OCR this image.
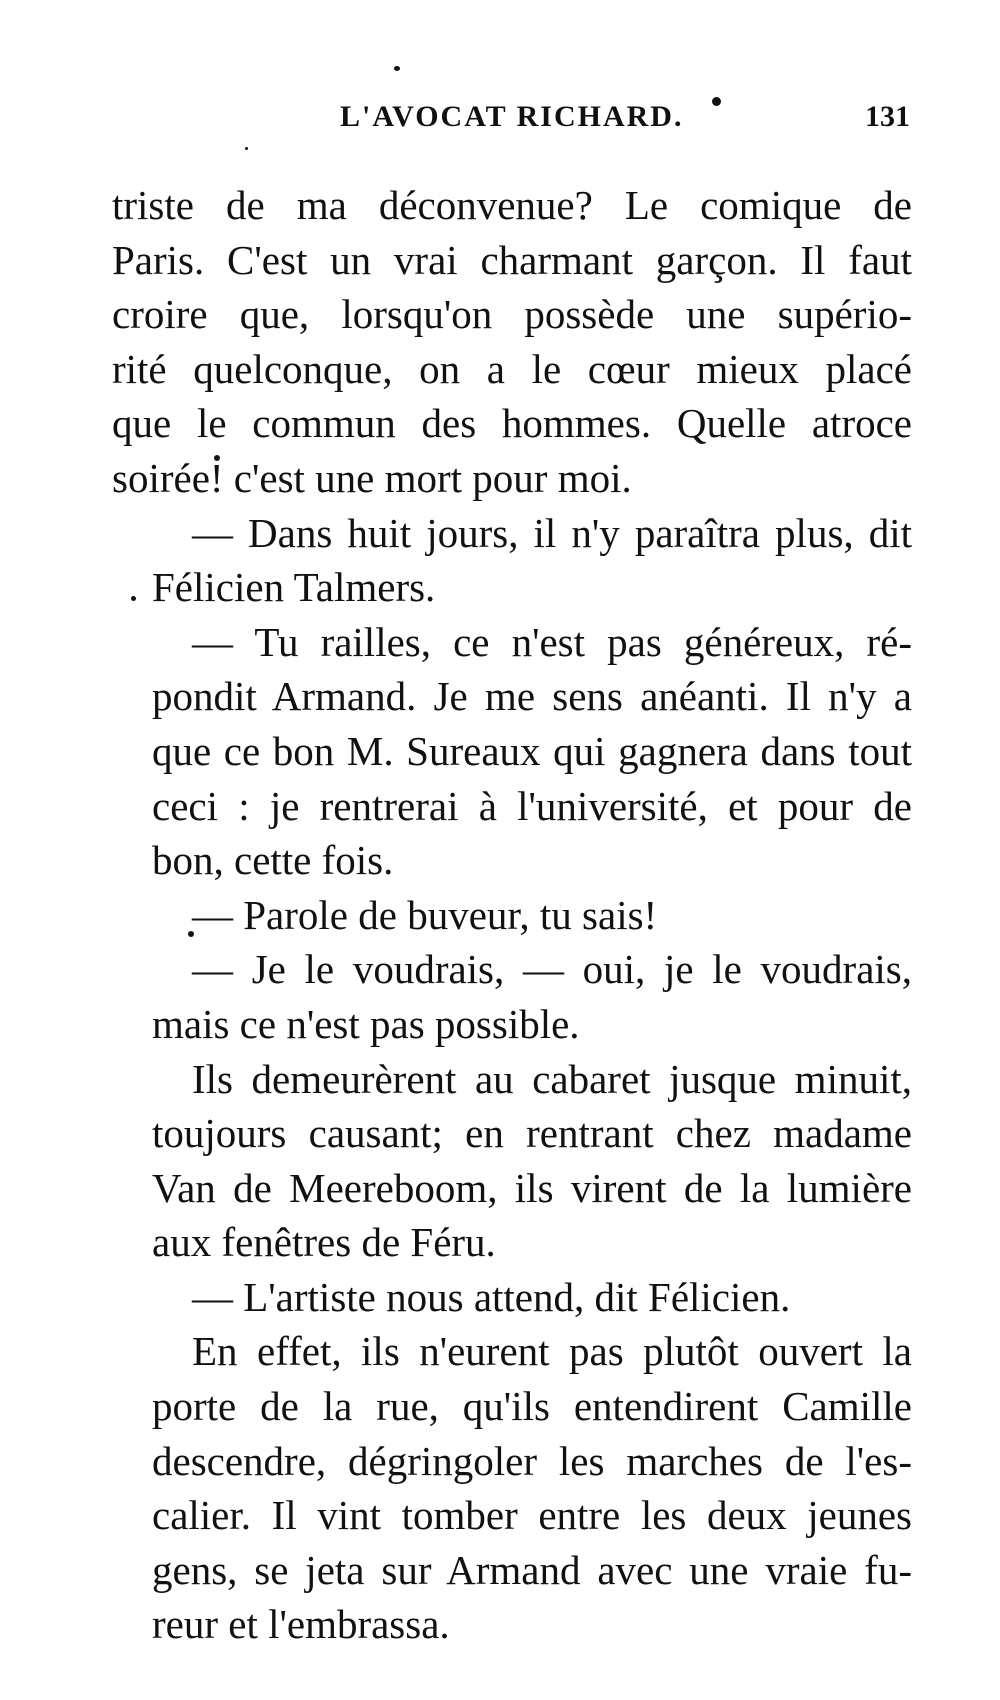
L'AVOCAT RICHARD.	131
triste de ma déconvenue? Le comique de
Paris. C'est un vrai charmant garçon. Il faut
croire que, lorsqu'on possède une supério-
rité quelconque, on a le cœur mieux placé
que le commun des hommes. Quelle atroce
soirée! c'est une mort pour moi.
— Dans huit jours, il n'y paraîtra plus, dit
Félicien Talmers.
— Tu railles, ce n'est pas généreux, ré-
pondit Armand. Je me sens anéanti. Il n'y a
que ce bon M. Sureaux qui gagnera dans tout
ceci : je rentrerai à l'université, et pour de
bon, cette fois.
— Parole de buveur, tu sais!
— Je le voudrais, — oui, je le voudrais,
mais ce n'est pas possible.
Ils demeurèrent au cabaret jusque minuit,
toujours causant; en rentrant chez madame
Van de Meereboom, ils virent de la lumière
aux fenêtres de Féru.
— L'artiste nous attend, dit Félicien.
En effet, ils n'eurent pas plutôt ouvert la
porte de la rue, qu'ils entendirent Camille
descendre, dégringoler les marches de l'es-
calier. Il vint tomber entre les deux jeunes
gens, se jeta sur Armand avec une vraie fu-
reur et l'embrassa.
